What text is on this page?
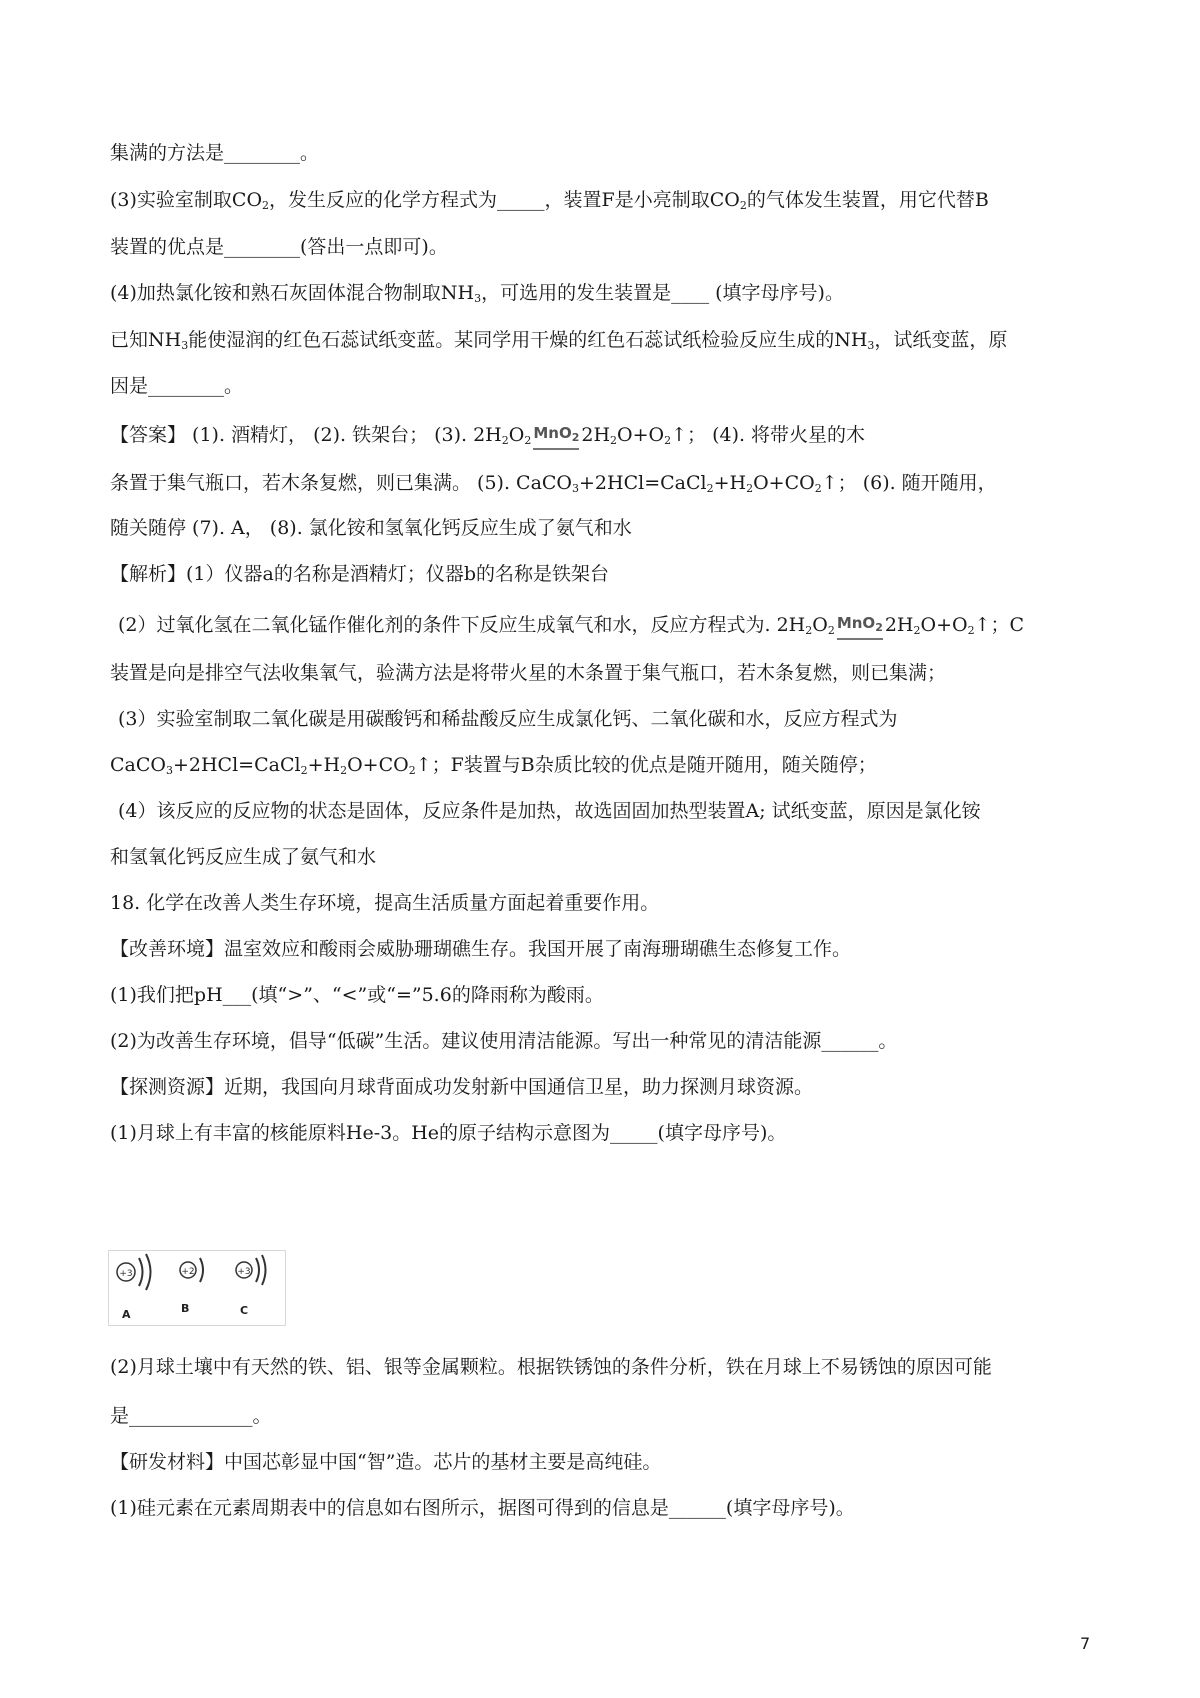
集满的方法是________。
(3)实验室制取$CO_2$，发生反应的化学方程式为_____，装置F是小亮制取$CO_2$的气体发生装置，用它代替B
装置的优点是________(答出一点即可)。
(4)加热氯化铵和熟石灰固体混合物制取$NH_3$，可选用的发生装置是____ (填字母序号)。
已知$NH_3$能使湿润的红色石蕊试纸变蓝。某同学用干燥的红色石蕊试纸检验反应生成的$NH_3$，试纸变蓝，原
因是________。
【答案】 (1). 酒精灯， (2). 铁架台； (3). $2H_2O_2$ MnO$_2$ $2H_2O+O_2↑$； (4). 将带火星的木
条置于集气瓶口，若木条复燃，则已集满。 (5). $CaCO_3+2HCl=CaCl_2+H_2O+CO_2↑$； (6). 随开随用，
随关随停 (7). A， (8). 氯化铵和氢氧化钙反应生成了氨气和水
【解析】(1）仪器a的名称是酒精灯；仪器b的名称是铁架台
(2）过氧化氢在二氧化锰作催化剂的条件下反应生成氧气和水，反应方程式为. $2H_2O_2$ MnO$_2$ $2H_2O+O_2↑$；C
装置是向是排空气法收集氧气，验满方法是将带火星的木条置于集气瓶口，若木条复燃，则已集满；
(3）实验室制取二氧化碳是用碳酸钙和稀盐酸反应生成氯化钙、二氧化碳和水，反应方程式为
$CaCO_3+2HCl=CaCl_2+H_2O+CO_2↑$；F装置与B杂质比较的优点是随开随用，随关随停；
(4）该反应的反应物的状态是固体，反应条件是加热，故选固固加热型装置A; 试纸变蓝，原因是氯化铵
和氢氧化钙反应生成了氨气和水
18. 化学在改善人类生存环境，提高生活质量方面起着重要作用。
【改善环境】温室效应和酸雨会威胁珊瑚礁生存。我国开展了南海珊瑚礁生态修复工作。
(1)我们把pH___(填“>”、“<”或“=”5.6的降雨称为酸雨。
(2)为改善生存环境，倡导“低碳”生活。建议使用清洁能源。写出一种常见的清洁能源______。
【探测资源】近期，我国向月球背面成功发射新中国通信卫星，助力探测月球资源。
(1)月球上有丰富的核能原料He-3。He的原子结构示意图为_____(填字母序号)。
+3	+2	+3
A	B	C
(2)月球土壤中有天然的铁、铝、银等金属颗粒。根据铁锈蚀的条件分析，铁在月球上不易锈蚀的原因可能
是_____________。
【研发材料】中国芯彰显中国“智”造。芯片的基材主要是高纯硅。
(1)硅元素在元素周期表中的信息如右图所示，据图可得到的信息是______(填字母序号)。
7
